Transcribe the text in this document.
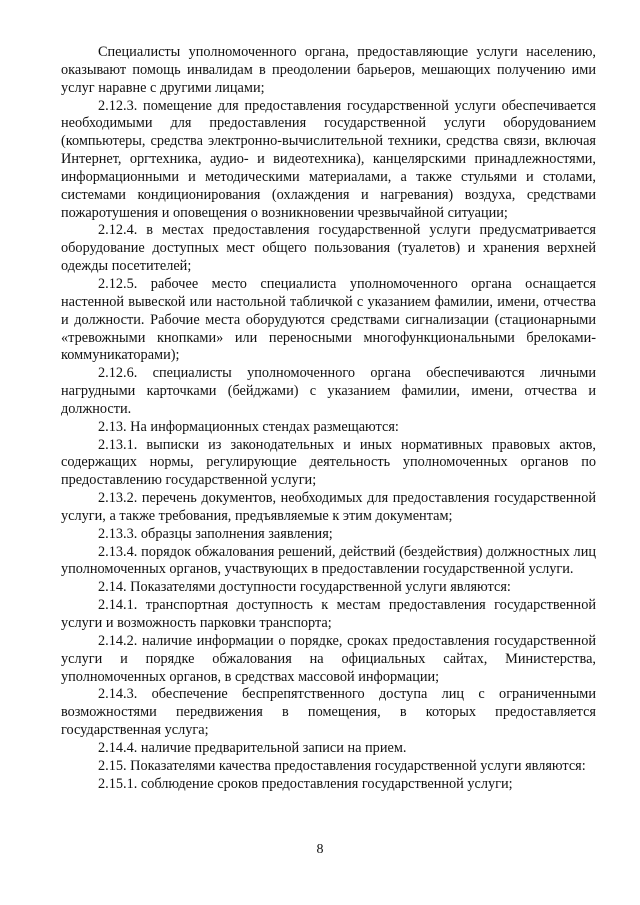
Специалисты уполномоченного органа, предоставляющие услуги населению, оказывают помощь инвалидам в преодолении барьеров, мешающих получению ими услуг наравне с другими лицами;

2.12.3. помещение для предоставления государственной услуги обеспечивается необходимыми для предоставления государственной услуги оборудованием (компьютеры, средства электронно-вычислительной техники, средства связи, включая Интернет, оргтехника, аудио- и видеотехника), канцелярскими принадлежностями, информационными и методическими материалами, а также стульями и столами, системами кондиционирования (охлаждения и нагревания) воздуха, средствами пожаротушения и оповещения о возникновении чрезвычайной ситуации;

2.12.4. в местах предоставления государственной услуги предусматривается оборудование доступных мест общего пользования (туалетов) и хранения верхней одежды посетителей;

2.12.5. рабочее место специалиста уполномоченного органа оснащается настенной вывеской или настольной табличкой с указанием фамилии, имени, отчества и должности. Рабочие места оборудуются средствами сигнализации (стационарными «тревожными кнопками» или переносными многофункциональными брелоками-коммуникаторами);

2.12.6. специалисты уполномоченного органа обеспечиваются личными нагрудными карточками (бейджами) с указанием фамилии, имени, отчества и должности.

2.13. На информационных стендах размещаются:

2.13.1. выписки из законодательных и иных нормативных правовых актов, содержащих нормы, регулирующие деятельность уполномоченных органов по предоставлению государственной услуги;

2.13.2. перечень документов, необходимых для предоставления государственной услуги, а также требования, предъявляемые к этим документам;

2.13.3. образцы заполнения заявления;

2.13.4. порядок обжалования решений, действий (бездействия) должностных лиц уполномоченных органов, участвующих в предоставлении государственной услуги.

2.14. Показателями доступности государственной услуги являются:

2.14.1. транспортная доступность к местам предоставления государственной услуги и возможность парковки транспорта;

2.14.2. наличие информации о порядке, сроках предоставления государственной услуги и порядке обжалования на официальных сайтах, Министерства, уполномоченных органов, в средствах массовой информации;

2.14.3. обеспечение беспрепятственного доступа лиц с ограниченными возможностями передвижения в помещения, в которых предоставляется государственная услуга;

2.14.4. наличие предварительной записи на прием.

2.15. Показателями качества предоставления государственной услуги являются:

2.15.1. соблюдение сроков предоставления государственной услуги;

8
